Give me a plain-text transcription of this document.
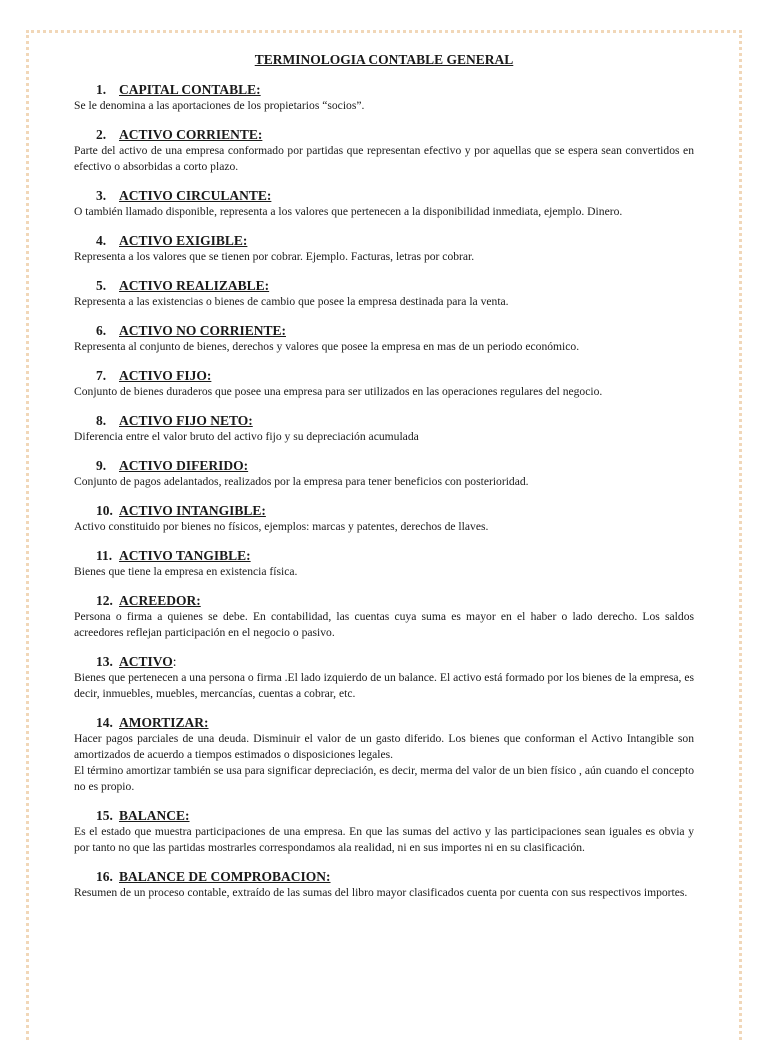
TERMINOLOGIA CONTABLE GENERAL
1. CAPITAL CONTABLE:

Se le denomina a las aportaciones de los propietarios “socios”.

2. ACTIVO CORRIENTE:

Parte del activo de una empresa conformado por partidas que representan efectivo y por aquellas que se espera sean convertidos en efectivo o absorbidas a corto plazo.

3. ACTIVO CIRCULANTE:

O también llamado disponible, representa a los valores que pertenecen a la disponibilidad inmediata, ejemplo. Dinero.

4. ACTIVO EXIGIBLE:

Representa a los valores que se tienen por cobrar. Ejemplo. Facturas, letras por cobrar.

5. ACTIVO REALIZABLE:

Representa a las existencias o bienes de cambio que posee la empresa destinada para la venta.

6. ACTIVO NO CORRIENTE:

Representa al conjunto de bienes, derechos y valores que posee la empresa en mas de un periodo económico.

7. ACTIVO FIJO:

Conjunto de bienes duraderos que posee una empresa para ser utilizados en las operaciones regulares del negocio.

8. ACTIVO FIJO NETO:

Diferencia entre el valor bruto del activo fijo y su depreciación acumulada

9. ACTIVO DIFERIDO:

Conjunto de pagos adelantados, realizados por la empresa para tener beneficios con posterioridad.

10. ACTIVO INTANGIBLE:

Activo constituido por bienes no físicos, ejemplos: marcas y patentes, derechos de llaves.

11. ACTIVO TANGIBLE:

Bienes que tiene la empresa en existencia física.

12. ACREEDOR:

Persona o firma a quienes se debe. En contabilidad, las cuentas cuya suma es mayor en el haber o lado derecho. Los saldos acreedores reflejan participación en el negocio o pasivo.

13. ACTIVO:

Bienes que pertenecen a una persona o firma .El lado izquierdo de un balance. El activo está formado por los bienes de la empresa, es decir, inmuebles, muebles, mercancías, cuentas a cobrar, etc.

14. AMORTIZAR:

Hacer pagos parciales de una deuda. Disminuir el valor de un gasto diferido. Los bienes que conforman el Activo Intangible son amortizados de acuerdo a tiempos estimados o disposiciones legales.

El término amortizar también se usa para significar depreciación, es decir, merma del valor de un bien físico , aún cuando el concepto no es propio.

15. BALANCE:

Es el estado que muestra participaciones de una empresa. En que las sumas del activo y las participaciones sean iguales es obvia y por tanto no que las partidas mostrarles correspondamos ala realidad, ni en sus importes ni en su clasificación.

16. BALANCE DE COMPROBACION:

Resumen de un proceso contable, extraído de las sumas del libro mayor clasificados cuenta por cuenta con sus respectivos importes.
